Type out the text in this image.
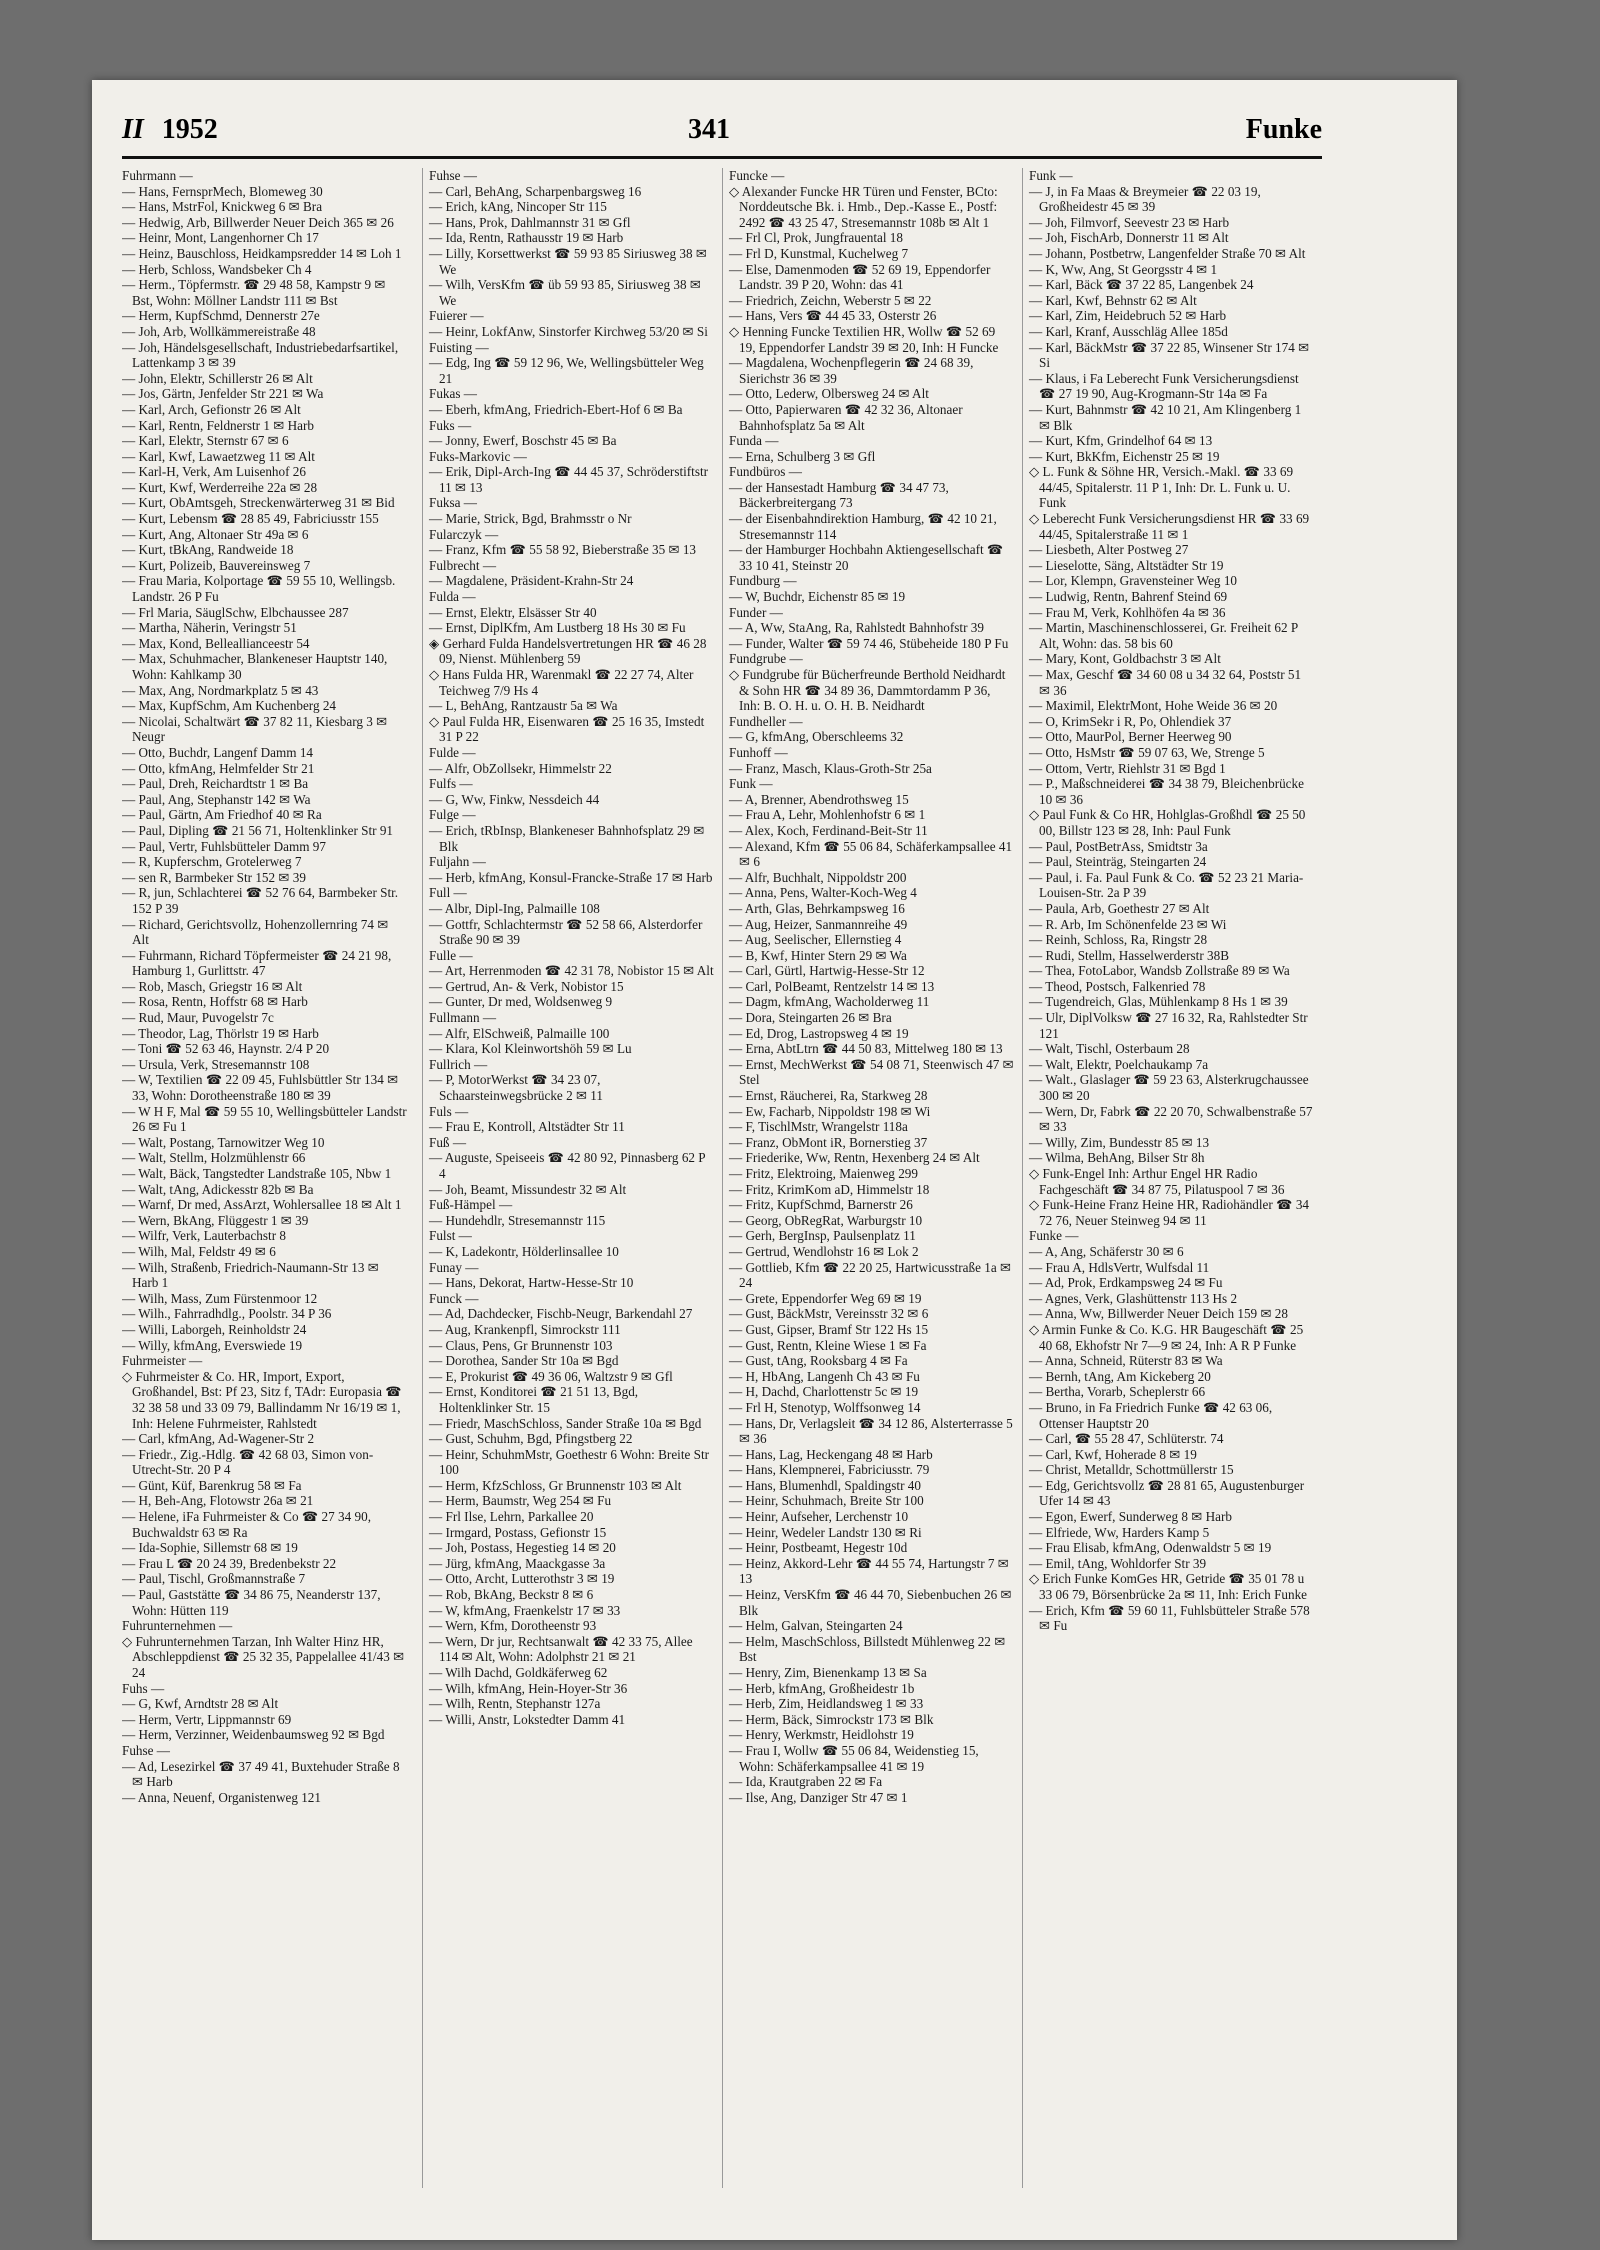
II 1952	341	Funke

Fuhrmann —

— Hans, FernsprMech, Blomeweg 30

— Hans, MstrFol, Knickweg 6 ✉ Bra

— Hedwig, Arb, Billwerder Neuer Deich 365 ✉ 26

— Heinr, Mont, Langenhorner Ch 17

— Heinz, Bauschloss, Heidkampsredder 14 ✉ Loh 1

— Herb, Schloss, Wandsbeker Ch 4

— Herm., Töpfermstr. ☎ 29 48 58, Kampstr 9 ✉ Bst, Wohn: Möllner Landstr 111 ✉ Bst

— Herm, KupfSchmd, Dennerstr 27e

— Joh, Arb, Wollkämmereistraße 48

— Joh, Händelsgesellschaft, Industriebedarfsartikel, Lattenkamp 3 ✉ 39

— John, Elektr, Schillerstr 26 ✉ Alt

— Jos, Gärtn, Jenfelder Str 221 ✉ Wa

— Karl, Arch, Gefionstr 26 ✉ Alt

— Karl, Rentn, Feldnerstr 1 ✉ Harb

— Karl, Elektr, Sternstr 67 ✉ 6

— Karl, Kwf, Lawaetzweg 11 ✉ Alt

— Karl-H, Verk, Am Luisenhof 26

— Kurt, Kwf, Werderreihe 22a ✉ 28

— Kurt, ObAmtsgeh, Streckenwärterweg 31 ✉ Bid

— Kurt, Lebensm ☎ 28 85 49, Fabriciusstr 155

— Kurt, Ang, Altonaer Str 49a ✉ 6

— Kurt, tBkAng, Randweide 18

— Kurt, Polizeib, Bauvereinsweg 7

— Frau Maria, Kolportage ☎ 59 55 10, Wellingsb. Landstr. 26 P Fu

— Frl Maria, SäuglSchw, Elbchaussee 287

— Martha, Näherin, Veringstr 51

— Max, Kond, Belleallianceestr 54

— Max, Schuhmacher, Blankeneser Hauptstr 140, Wohn: Kahlkamp 30

— Max, Ang, Nordmarkplatz 5 ✉ 43

— Max, KupfSchm, Am Kuchenberg 24

— Nicolai, Schaltwärt ☎ 37 82 11, Kiesbarg 3 ✉ Neugr

— Otto, Buchdr, Langenf Damm 14

— Otto, kfmAng, Helmfelder Str 21

— Paul, Dreh, Reichardtstr 1 ✉ Ba

— Paul, Ang, Stephanstr 142 ✉ Wa

— Paul, Gärtn, Am Friedhof 40 ✉ Ra

— Paul, Dipling ☎ 21 56 71, Holtenklinker Str 91

— Paul, Vertr, Fuhlsbütteler Damm 97

— R, Kupferschm, Grotelerweg 7

— sen R, Barmbeker Str 152 ✉ 39

— R, jun, Schlachterei ☎ 52 76 64, Barmbeker Str. 152 P 39

— Richard, Gerichtsvollz, Hohenzollernring 74 ✉ Alt

— Fuhrmann, Richard Töpfermeister ☎ 24 21 98, Hamburg 1, Gurlittstr. 47

— Rob, Masch, Griegstr 16 ✉ Alt

— Rosa, Rentn, Hoffstr 68 ✉ Harb

— Rud, Maur, Puvogelstr 7c

— Theodor, Lag, Thörlstr 19 ✉ Harb

— Toni ☎ 52 63 46, Haynstr. 2/4 P 20

— Ursula, Verk, Stresemannstr 108

— W, Textilien ☎ 22 09 45, Fuhlsbüttler Str 134 ✉ 33, Wohn: Dorotheenstraße 180 ✉ 39

— W H F, Mal ☎ 59 55 10, Wellingsbütteler Landstr 26 ✉ Fu 1

— Walt, Postang, Tarnowitzer Weg 10

— Walt, Stellm, Holzmühlenstr 66

— Walt, Bäck, Tangstedter Landstraße 105, Nbw 1

— Walt, tAng, Adickesstr 82b ✉ Ba

— Warnf, Dr med, AssArzt, Wohlersallee 18 ✉ Alt 1

— Wern, BkAng, Flüggestr 1 ✉ 39

— Wilfr, Verk, Lauterbachstr 8

— Wilh, Mal, Feldstr 49 ✉ 6

— Wilh, Straßenb, Friedrich-Naumann-Str 13 ✉ Harb 1

— Wilh, Mass, Zum Fürstenmoor 12

— Wilh., Fahrradhdlg., Poolstr. 34 P 36

— Willi, Laborgeh, Reinholdstr 24

— Willy, kfmAng, Everswiede 19

Fuhrmeister —

◇ Fuhrmeister & Co. HR, Import, Export, Großhandel, Bst: Pf 23, Sitz f, TAdr: Europasia ☎ 32 38 58 und 33 09 79, Ballindamm Nr 16/19 ✉ 1, Inh: Helene Fuhrmeister, Rahlstedt

— Carl, kfmAng, Ad-Wagener-Str 2

— Friedr., Zig.-Hdlg. ☎ 42 68 03, Simon von-Utrecht-Str. 20 P 4

— Günt, Küf, Barenkrug 58 ✉ Fa

— H, Beh-Ang, Flotowstr 26a ✉ 21

— Helene, iFa Fuhrmeister & Co ☎ 27 34 90, Buchwaldstr 63 ✉ Ra

— Ida-Sophie, Sillemstr 68 ✉ 19

— Frau L ☎ 20 24 39, Bredenbekstr 22

— Paul, Tischl, Großmannstraße 7

— Paul, Gaststätte ☎ 34 86 75, Neanderstr 137, Wohn: Hütten 119

Fuhrunternehmen —

◇ Fuhrunternehmen Tarzan, Inh Walter Hinz HR, Abschleppdienst ☎ 25 32 35, Pappelallee 41/43 ✉ 24

Fuhs —

— G, Kwf, Arndtstr 28 ✉ Alt

— Herm, Vertr, Lippmannstr 69

— Herm, Verzinner, Weidenbaumsweg 92 ✉ Bgd

Fuhse —

— Ad, Lesezirkel ☎ 37 49 41, Buxtehuder Straße 8 ✉ Harb

— Anna, Neuenf, Organistenweg 121

Fuhse —

— Carl, BehAng, Scharpenbargsweg 16

— Erich, kAng, Nincoper Str 115

— Hans, Prok, Dahlmannstr 31 ✉ Gfl

— Ida, Rentn, Rathausstr 19 ✉ Harb

— Lilly, Korsettwerkst ☎ 59 93 85 Siriusweg 38 ✉ We

— Wilh, VersKfm ☎ üb 59 93 85, Siriusweg 38 ✉ We

Fuierer —

— Heinr, LokfAnw, Sinstorfer Kirchweg 53/20 ✉ Si

Fuisting —

— Edg, Ing ☎ 59 12 96, We, Wellingsbütteler Weg 21

Fukas —

— Eberh, kfmAng, Friedrich-Ebert-Hof 6 ✉ Ba

Fuks —

— Jonny, Ewerf, Boschstr 45 ✉ Ba

Fuks-Markovic —

— Erik, Dipl-Arch-Ing ☎ 44 45 37, Schröderstiftstr 11 ✉ 13

Fuksa —

— Marie, Strick, Bgd, Brahmsstr o Nr

Fularczyk —

— Franz, Kfm ☎ 55 58 92, Bieberstraße 35 ✉ 13

Fulbrecht —

— Magdalene, Präsident-Krahn-Str 24

Fulda —

— Ernst, Elektr, Elsässer Str 40

— Ernst, DiplKfm, Am Lustberg 18 Hs 30 ✉ Fu

◈ Gerhard Fulda Handelsvertretungen HR ☎ 46 28 09, Nienst. Mühlenberg 59

◇ Hans Fulda HR, Warenmakl ☎ 22 27 74, Alter Teichweg 7/9 Hs 4

— L, BehAng, Rantzaustr 5a ✉ Wa

◇ Paul Fulda HR, Eisenwaren ☎ 25 16 35, Imstedt 31 P 22

Fulde —

— Alfr, ObZollsekr, Himmelstr 22

Fulfs —

— G, Ww, Finkw, Nessdeich 44

Fulge —

— Erich, tRbInsp, Blankeneser Bahnhofsplatz 29 ✉ Blk

Fuljahn —

— Herb, kfmAng, Konsul-Francke-Straße 17 ✉ Harb

Full —

— Albr, Dipl-Ing, Palmaille 108

— Gottfr, Schlachtermstr ☎ 52 58 66, Alsterdorfer Straße 90 ✉ 39

Fulle —

— Art, Herrenmoden ☎ 42 31 78, Nobistor 15 ✉ Alt

— Gertrud, An- & Verk, Nobistor 15

— Gunter, Dr med, Woldsenweg 9

Fullmann —

— Alfr, ElSchweiß, Palmaille 100

— Klara, Kol Kleinwortshöh 59 ✉ Lu

Fullrich —

— P, MotorWerkst ☎ 34 23 07, Schaarsteinwegsbrücke 2 ✉ 11

Fuls —

— Frau E, Kontroll, Altstädter Str 11

Fuß —

— Auguste, Speiseeis ☎ 42 80 92, Pinnasberg 62 P 4

— Joh, Beamt, Missundestr 32 ✉ Alt

Fuß-Hämpel —

— Hundehdlr, Stresemannstr 115

Fulst —

— K, Ladekontr, Hölderlinsallee 10

Funay —

— Hans, Dekorat, Hartw-Hesse-Str 10

Funck —

— Ad, Dachdecker, Fischb-Neugr, Barkendahl 27

— Aug, Krankenpfl, Simrockstr 111

— Claus, Pens, Gr Brunnenstr 103

— Dorothea, Sander Str 10a ✉ Bgd

— E, Prokurist ☎ 49 36 06, Waltzstr 9 ✉ Gfl

— Ernst, Konditorei ☎ 21 51 13, Bgd, Holtenklinker Str. 15

— Friedr, MaschSchloss, Sander Straße 10a ✉ Bgd

— Gust, Schuhm, Bgd, Pfingstberg 22

— Heinr, SchuhmMstr, Goethestr 6 Wohn: Breite Str 100

— Herm, KfzSchloss, Gr Brunnenstr 103 ✉ Alt

— Herm, Baumstr, Weg 254 ✉ Fu

— Frl Ilse, Lehrn, Parkallee 20

— Irmgard, Postass, Gefionstr 15

— Joh, Postass, Hegestieg 14 ✉ 20

— Jürg, kfmAng, Maackgasse 3a

— Otto, Archt, Lutterothstr 3 ✉ 19

— Rob, BkAng, Beckstr 8 ✉ 6

— W, kfmAng, Fraenkelstr 17 ✉ 33

— Wern, Kfm, Dorotheenstr 93

— Wern, Dr jur, Rechtsanwalt ☎ 42 33 75, Allee 114 ✉ Alt, Wohn: Adolphstr 21 ✉ 21

— Wilh Dachd, Goldkäferweg 62

— Wilh, kfmAng, Hein-Hoyer-Str 36

— Wilh, Rentn, Stephanstr 127a

— Willi, Anstr, Lokstedter Damm 41

Funcke —

◇ Alexander Funcke HR Türen und Fenster, BCto: Norddeutsche Bk. i. Hmb., Dep.-Kasse E., Postf: 2492 ☎ 43 25 47, Stresemannstr 108b ✉ Alt 1

— Frl Cl, Prok, Jungfrauental 18

— Frl D, Kunstmal, Kuchelweg 7

— Else, Damenmoden ☎ 52 69 19, Eppendorfer Landstr. 39 P 20, Wohn: das 41

— Friedrich, Zeichn, Weberstr 5 ✉ 22

— Hans, Vers ☎ 44 45 33, Osterstr 26

◇ Henning Funcke Textilien HR, Wollw ☎ 52 69 19, Eppendorfer Landstr 39 ✉ 20, Inh: H Funcke

— Magdalena, Wochenpflegerin ☎ 24 68 39, Sierichstr 36 ✉ 39

— Otto, Lederw, Olbersweg 24 ✉ Alt

— Otto, Papierwaren ☎ 42 32 36, Altonaer Bahnhofsplatz 5a ✉ Alt

Funda —

— Erna, Schulberg 3 ✉ Gfl

Fundbüros —

— der Hansestadt Hamburg ☎ 34 47 73, Bäckerbreitergang 73

— der Eisenbahndirektion Hamburg, ☎ 42 10 21, Stresemannstr 114

— der Hamburger Hochbahn Aktiengesellschaft ☎ 33 10 41, Steinstr 20

Fundburg —

— W, Buchdr, Eichenstr 85 ✉ 19

Funder —

— A, Ww, StaAng, Ra, Rahlstedt Bahnhofstr 39

— Funder, Walter ☎ 59 74 46, Stübeheide 180 P Fu

Fundgrube —

◇ Fundgrube für Bücherfreunde Berthold Neidhardt & Sohn HR ☎ 34 89 36, Dammtordamm P 36, Inh: B. O. H. u. O. H. B. Neidhardt

Fundheller —

— G, kfmAng, Oberschleems 32

Funhoff —

— Franz, Masch, Klaus-Groth-Str 25a

Funk —

— A, Brenner, Abendrothsweg 15

— Frau A, Lehr, Mohlenhofstr 6 ✉ 1

— Alex, Koch, Ferdinand-Beit-Str 11

— Alexand, Kfm ☎ 55 06 84, Schäferkampsallee 41 ✉ 6

— Alfr, Buchhalt, Nippoldstr 200

— Anna, Pens, Walter-Koch-Weg 4

— Arth, Glas, Behrkampsweg 16

— Aug, Heizer, Sanmannreihe 49

— Aug, Seelischer, Ellernstieg 4

— B, Kwf, Hinter Stern 29 ✉ Wa

— Carl, Gürtl, Hartwig-Hesse-Str 12

— Carl, PolBeamt, Rentzelstr 14 ✉ 13

— Dagm, kfmAng, Wacholderweg 11

— Dora, Steingarten 26 ✉ Bra

— Ed, Drog, Lastropsweg 4 ✉ 19

— Erna, AbtLtrn ☎ 44 50 83, Mittelweg 180 ✉ 13

— Ernst, MechWerkst ☎ 54 08 71, Steenwisch 47 ✉ Stel

— Ernst, Räucherei, Ra, Starkweg 28

— Ew, Facharb, Nippoldstr 198 ✉ Wi

— F, TischlMstr, Wrangelstr 118a

— Franz, ObMont iR, Bornerstieg 37

— Friederike, Ww, Rentn, Hexenberg 24 ✉ Alt

— Fritz, Elektroing, Maienweg 299

— Fritz, KrimKom aD, Himmelstr 18

— Fritz, KupfSchmd, Barnerstr 26

— Georg, ObRegRat, Warburgstr 10

— Gerh, BergInsp, Paulsenplatz 11

— Gertrud, Wendlohstr 16 ✉ Lok 2

— Gottlieb, Kfm ☎ 22 20 25, Hartwicusstraße 1a ✉ 24

— Grete, Eppendorfer Weg 69 ✉ 19

— Gust, BäckMstr, Vereinsstr 32 ✉ 6

— Gust, Gipser, Bramf Str 122 Hs 15

— Gust, Rentn, Kleine Wiese 1 ✉ Fa

— Gust, tAng, Rooksbarg 4 ✉ Fa

— H, HbAng, Langenh Ch 43 ✉ Fu

— H, Dachd, Charlottenstr 5c ✉ 19

— Frl H, Stenotyp, Wolffsonweg 14

— Hans, Dr, Verlagsleit ☎ 34 12 86, Alsterterrasse 5 ✉ 36

— Hans, Lag, Heckengang 48 ✉ Harb

— Hans, Klempnerei, Fabriciusstr. 79

— Hans, Blumenhdl, Spaldingstr 40

— Heinr, Schuhmach, Breite Str 100

— Heinr, Aufseher, Lerchenstr 10

— Heinr, Wedeler Landstr 130 ✉ Ri

— Heinr, Postbeamt, Hegestr 10d

— Heinz, Akkord-Lehr ☎ 44 55 74, Hartungstr 7 ✉ 13

— Heinz, VersKfm ☎ 46 44 70, Siebenbuchen 26 ✉ Blk

— Helm, Galvan, Steingarten 24

— Helm, MaschSchloss, Billstedt Mühlenweg 22 ✉ Bst

— Henry, Zim, Bienenkamp 13 ✉ Sa

— Herb, kfmAng, Großheidestr 1b

— Herb, Zim, Heidlandsweg 1 ✉ 33

— Herm, Bäck, Simrockstr 173 ✉ Blk

— Henry, Werkmstr, Heidlohstr 19

— Frau I, Wollw ☎ 55 06 84, Weidenstieg 15, Wohn: Schäferkampsallee 41 ✉ 19

— Ida, Krautgraben 22 ✉ Fa

— Ilse, Ang, Danziger Str 47 ✉ 1

Funk —

— J, in Fa Maas & Breymeier ☎ 22 03 19, Großheidestr 45 ✉ 39

— Joh, Filmvorf, Seevestr 23 ✉ Harb

— Joh, FischArb, Donnerstr 11 ✉ Alt

— Johann, Postbetrw, Langenfelder Straße 70 ✉ Alt

— K, Ww, Ang, St Georgsstr 4 ✉ 1

— Karl, Bäck ☎ 37 22 85, Langenbek 24

— Karl, Kwf, Behnstr 62 ✉ Alt

— Karl, Zim, Heidebruch 52 ✉ Harb

— Karl, Kranf, Ausschläg Allee 185d

— Karl, BäckMstr ☎ 37 22 85, Winsener Str 174 ✉ Si

— Klaus, i Fa Leberecht Funk Versicherungsdienst ☎ 27 19 90, Aug-Krogmann-Str 14a ✉ Fa

— Kurt, Bahnmstr ☎ 42 10 21, Am Klingenberg 1 ✉ Blk

— Kurt, Kfm, Grindelhof 64 ✉ 13

— Kurt, BkKfm, Eichenstr 25 ✉ 19

◇ L. Funk & Söhne HR, Versich.-Makl. ☎ 33 69 44/45, Spitalerstr. 11 P 1, Inh: Dr. L. Funk u. U. Funk

◇ Leberecht Funk Versicherungsdienst HR ☎ 33 69 44/45, Spitalerstraße 11 ✉ 1

— Liesbeth, Alter Postweg 27

— Lieselotte, Säng, Altstädter Str 19

— Lor, Klempn, Gravensteiner Weg 10

— Ludwig, Rentn, Bahrenf Steind 69

— Frau M, Verk, Kohlhöfen 4a ✉ 36

— Martin, Maschinenschlosserei, Gr. Freiheit 62 P Alt, Wohn: das. 58 bis 60

— Mary, Kont, Goldbachstr 3 ✉ Alt

— Max, Geschf ☎ 34 60 08 u 34 32 64, Poststr 51 ✉ 36

— Maximil, ElektrMont, Hohe Weide 36 ✉ 20

— O, KrimSekr i R, Po, Ohlendiek 37

— Otto, MaurPol, Berner Heerweg 90

— Otto, HsMstr ☎ 59 07 63, We, Strenge 5

— Ottom, Vertr, Riehlstr 31 ✉ Bgd 1

— P., Maßschneiderei ☎ 34 38 79, Bleichenbrücke 10 ✉ 36

◇ Paul Funk & Co HR, Hohlglas-Großhdl ☎ 25 50 00, Billstr 123 ✉ 28, Inh: Paul Funk

— Paul, PostBetrAss, Smidtstr 3a

— Paul, Steinträg, Steingarten 24

— Paul, i. Fa. Paul Funk & Co. ☎ 52 23 21 Maria-Louisen-Str. 2a P 39

— Paula, Arb, Goethestr 27 ✉ Alt

— R. Arb, Im Schönenfelde 23 ✉ Wi

— Reinh, Schloss, Ra, Ringstr 28

— Rudi, Stellm, Hasselwerderstr 38B

— Thea, FotoLabor, Wandsb Zollstraße 89 ✉ Wa

— Theod, Postsch, Falkenried 78

— Tugendreich, Glas, Mühlenkamp 8 Hs 1 ✉ 39

— Ulr, DiplVolksw ☎ 27 16 32, Ra, Rahlstedter Str 121

— Walt, Tischl, Osterbaum 28

— Walt, Elektr, Poelchaukamp 7a

— Walt., Glaslager ☎ 59 23 63, Alsterkrugchaussee 300 ✉ 20

— Wern, Dr, Fabrk ☎ 22 20 70, Schwalbenstraße 57 ✉ 33

— Willy, Zim, Bundesstr 85 ✉ 13

— Wilma, BehAng, Bilser Str 8h

◇ Funk-Engel Inh: Arthur Engel HR Radio Fachgeschäft ☎ 34 87 75, Pilatuspool 7 ✉ 36

◇ Funk-Heine Franz Heine HR, Radiohändler ☎ 34 72 76, Neuer Steinweg 94 ✉ 11

Funke —

— A, Ang, Schäferstr 30 ✉ 6

— Frau A, HdlsVertr, Wulfsdal 11

— Ad, Prok, Erdkampsweg 24 ✉ Fu

— Agnes, Verk, Glashüttenstr 113 Hs 2

— Anna, Ww, Billwerder Neuer Deich 159 ✉ 28

◇ Armin Funke & Co. K.G. HR Baugeschäft ☎ 25 40 68, Ekhofstr Nr 7—9 ✉ 24, Inh: A R P Funke

— Anna, Schneid, Rüterstr 83 ✉ Wa

— Bernh, tAng, Am Kickeberg 20

— Bertha, Vorarb, Scheplerstr 66

— Bruno, in Fa Friedrich Funke ☎ 42 63 06, Ottenser Hauptstr 20

— Carl, ☎ 55 28 47, Schlüterstr. 74

— Carl, Kwf, Hoherade 8 ✉ 19

— Christ, Metalldr, Schottmüllerstr 15

— Edg, Gerichtsvollz ☎ 28 81 65, Augustenburger Ufer 14 ✉ 43

— Egon, Ewerf, Sunderweg 8 ✉ Harb

— Elfriede, Ww, Harders Kamp 5

— Frau Elisab, kfmAng, Odenwaldstr 5 ✉ 19

— Emil, tAng, Wohldorfer Str 39

◇ Erich Funke KomGes HR, Getride ☎ 35 01 78 u 33 06 79, Börsenbrücke 2a ✉ 11, Inh: Erich Funke

— Erich, Kfm ☎ 59 60 11, Fuhlsbütteler Straße 578 ✉ Fu
